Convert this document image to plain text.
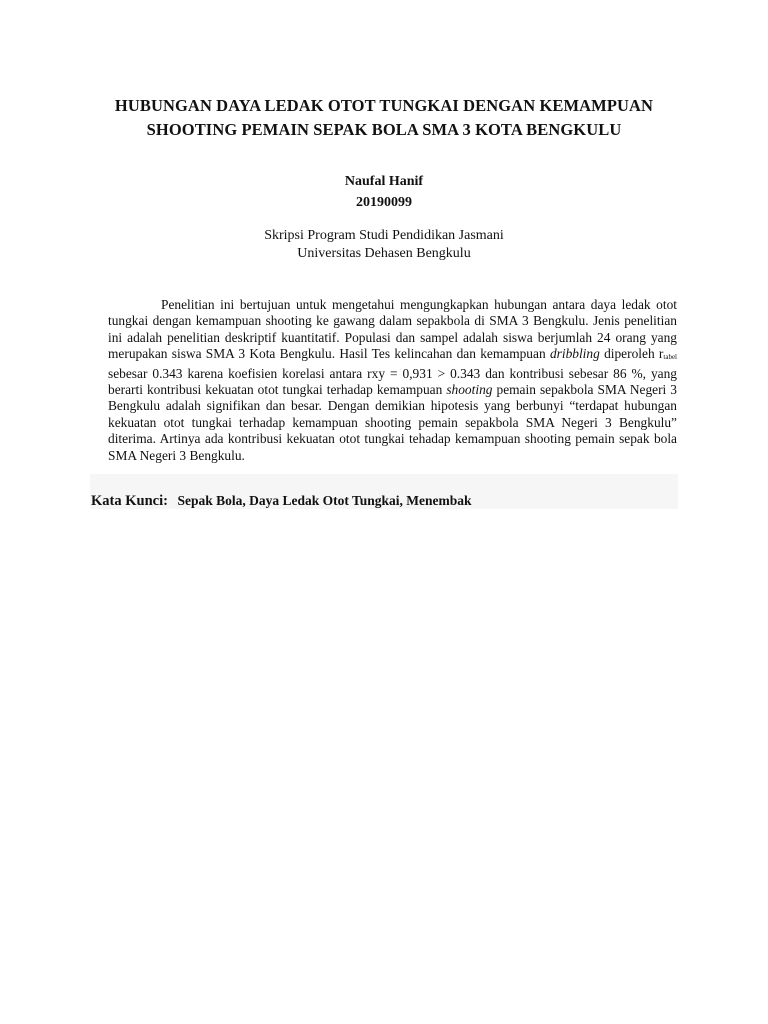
HUBUNGAN DAYA LEDAK OTOT TUNGKAI DENGAN KEMAMPUAN
SHOOTING PEMAIN SEPAK BOLA SMA 3 KOTA BENGKULU
Naufal Hanif
20190099
Skripsi Program Studi Pendidikan Jasmani
Universitas Dehasen Bengkulu

Penelitian ini bertujuan untuk mengetahui mengungkapkan hubungan antara daya ledak otot tungkai dengan kemampuan shooting ke gawang dalam sepakbola di SMA 3 Bengkulu. Jenis penelitian ini adalah penelitian deskriptif kuantitatif. Populasi dan sampel adalah siswa berjumlah 24 orang yang merupakan siswa SMA 3 Kota Bengkulu. Hasil Tes kelincahan dan kemampuan dribbling diperoleh $r_{tabel}$ sebesar 0.343 karena koefisien korelasi antara rxy = 0,931 > 0.343 dan kontribusi sebesar 86 %, yang berarti kontribusi kekuatan otot tungkai terhadap kemampuan shooting pemain sepakbola SMA Negeri 3 Bengkulu adalah signifikan dan besar. Dengan demikian hipotesis yang berbunyi “terdapat hubungan kekuatan otot tungkai terhadap kemampuan shooting pemain sepakbola SMA Negeri 3 Bengkulu” diterima. Artinya ada kontribusi kekuatan otot tungkai tehadap kemampuan shooting pemain sepak bola SMA Negeri 3 Bengkulu.

Kata Kunci: Sepak Bola, Daya Ledak Otot Tungkai, Menembak
